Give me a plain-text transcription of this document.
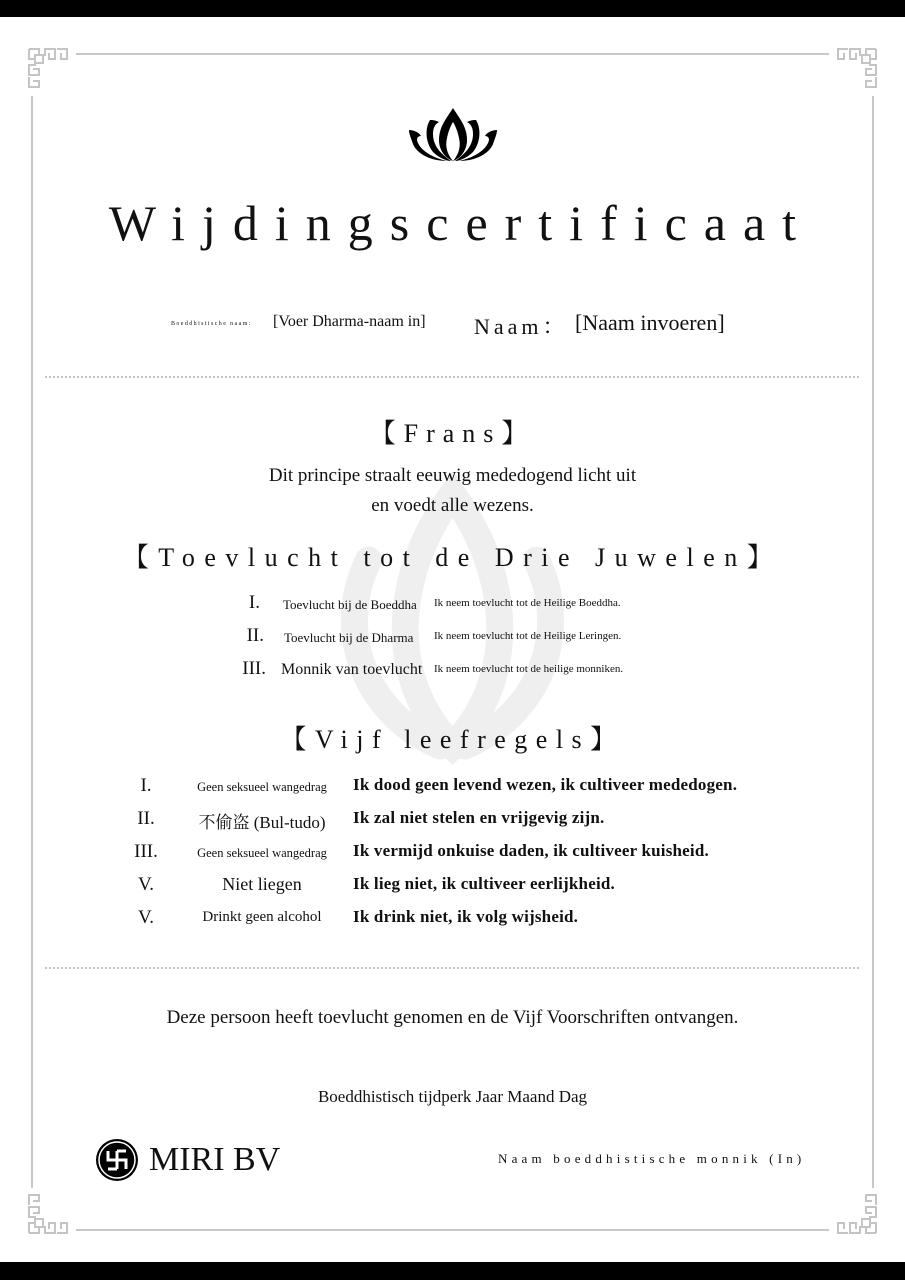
Wijdingscertificaat
Boeddhistische naam: [Voer Dharma-naam in] Naam： [Naam invoeren]
【Frans】
Dit principe straalt eeuwig mededogend licht uit
en voedt alle wezens.
【Toevlucht tot de Drie Juwelen】
I. Toevlucht bij de Boeddha Ik neem toevlucht tot de Heilige Boeddha.
II. Toevlucht bij de Dharma Ik neem toevlucht tot de Heilige Leringen.
III. Monnik van toevlucht Ik neem toevlucht tot de heilige monniken.
【Vijf leefregels】
I.	Geen seksueel wangedrag	Ik dood geen levend wezen, ik cultiveer mededogen.
II.	不偷盗 (Bul-tudo)	Ik zal niet stelen en vrijgevig zijn.
III.	Geen seksueel wangedrag	Ik vermijd onkuise daden, ik cultiveer kuisheid.
V.	Niet liegen	Ik lieg niet, ik cultiveer eerlijkheid.
V.	Drinkt geen alcohol	Ik drink niet, ik volg wijsheid.
Deze persoon heeft toevlucht genomen en de Vijf Voorschriften ontvangen.
Boeddhistisch tijdperk Jaar Maand Dag
MIRI BV	Naam boeddhistische monnik (In)
